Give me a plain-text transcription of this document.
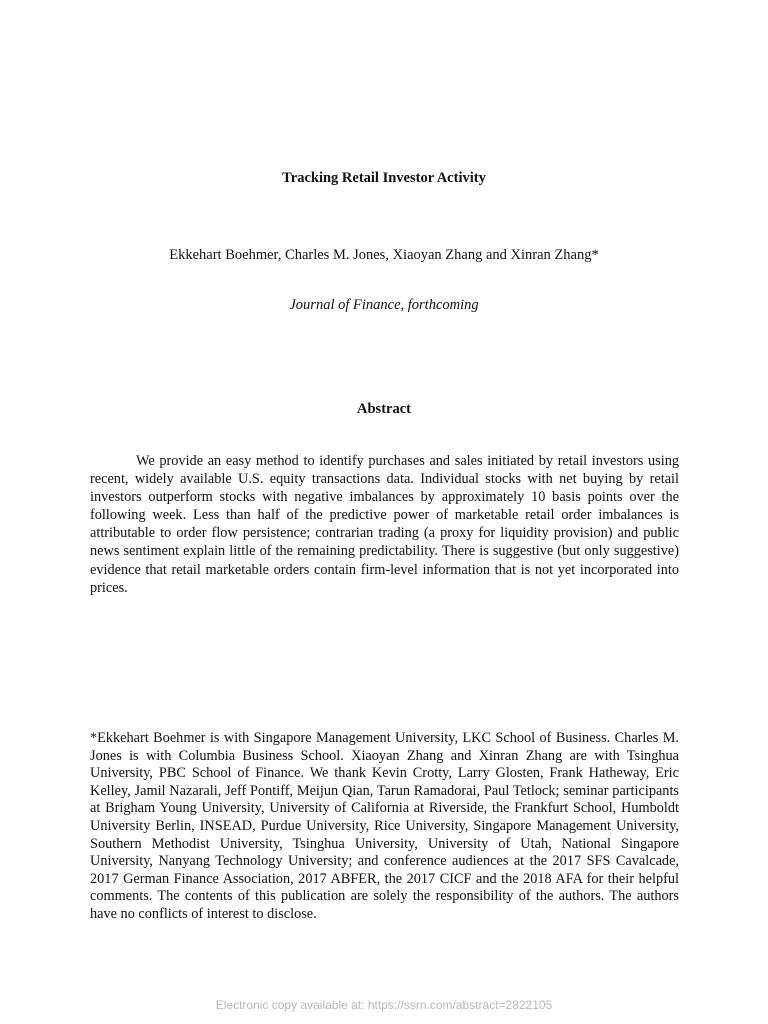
Tracking Retail Investor Activity
Ekkehart Boehmer, Charles M. Jones, Xiaoyan Zhang and Xinran Zhang*
Journal of Finance, forthcoming
Abstract

We provide an easy method to identify purchases and sales initiated by retail investors using recent, widely available U.S. equity transactions data. Individual stocks with net buying by retail investors outperform stocks with negative imbalances by approximately 10 basis points over the following week. Less than half of the predictive power of marketable retail order imbalances is attributable to order flow persistence; contrarian trading (a proxy for liquidity provision) and public news sentiment explain little of the remaining predictability. There is suggestive (but only suggestive) evidence that retail marketable orders contain firm-level information that is not yet incorporated into prices.

*Ekkehart Boehmer is with Singapore Management University, LKC School of Business. Charles M. Jones is with Columbia Business School. Xiaoyan Zhang and Xinran Zhang are with Tsinghua University, PBC School of Finance. We thank Kevin Crotty, Larry Glosten, Frank Hatheway, Eric Kelley, Jamil Nazarali, Jeff Pontiff, Meijun Qian, Tarun Ramadorai, Paul Tetlock; seminar participants at Brigham Young University, University of California at Riverside, the Frankfurt School, Humboldt University Berlin, INSEAD, Purdue University, Rice University, Singapore Management University, Southern Methodist University, Tsinghua University, University of Utah, National Singapore University, Nanyang Technology University; and conference audiences at the 2017 SFS Cavalcade, 2017 German Finance Association, 2017 ABFER, the 2017 CICF and the 2018 AFA for their helpful comments. The contents of this publication are solely the responsibility of the authors. The authors have no conflicts of interest to disclose.

Electronic copy available at: https://ssrn.com/abstract=2822105
